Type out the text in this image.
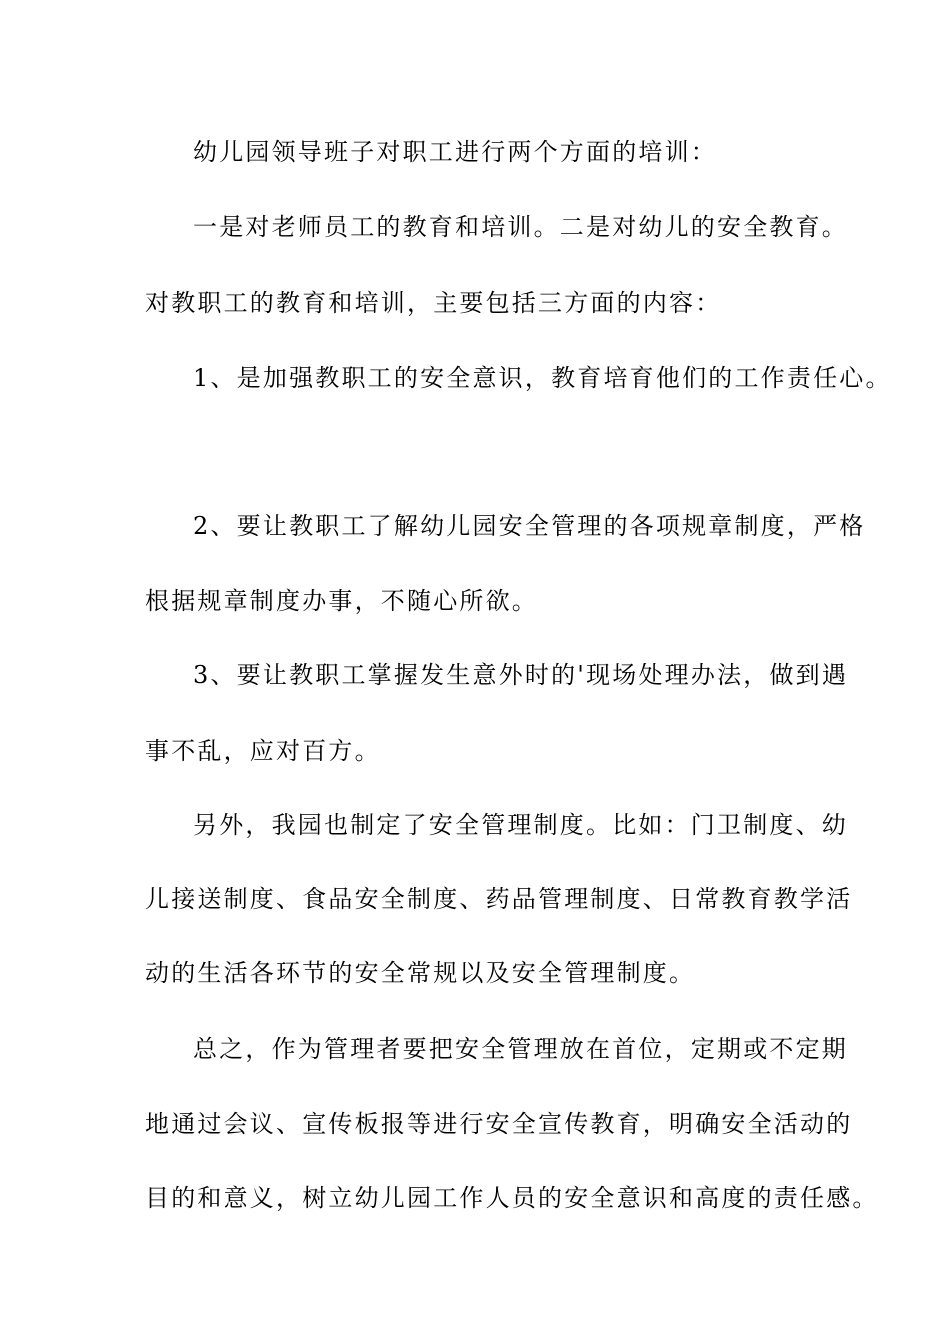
幼儿园领导班子对职工进行两个方面的培训：
一是对老师员工的教育和培训。二是对幼儿的安全教育。
对教职工的教育和培训，主要包括三方面的内容：
1、是加强教职工的安全意识，教育培育他们的工作责任心。
2、要让教职工了解幼儿园安全管理的各项规章制度，严格
根据规章制度办事，不随心所欲。
3、要让教职工掌握发生意外时的'现场处理办法，做到遇
事不乱，应对百方。
另外，我园也制定了安全管理制度。比如：门卫制度、幼
儿接送制度、食品安全制度、药品管理制度、日常教育教学活
动的生活各环节的安全常规以及安全管理制度。
总之，作为管理者要把安全管理放在首位，定期或不定期
地通过会议、宣传板报等进行安全宣传教育，明确安全活动的
目的和意义，树立幼儿园工作人员的安全意识和高度的责任感。
